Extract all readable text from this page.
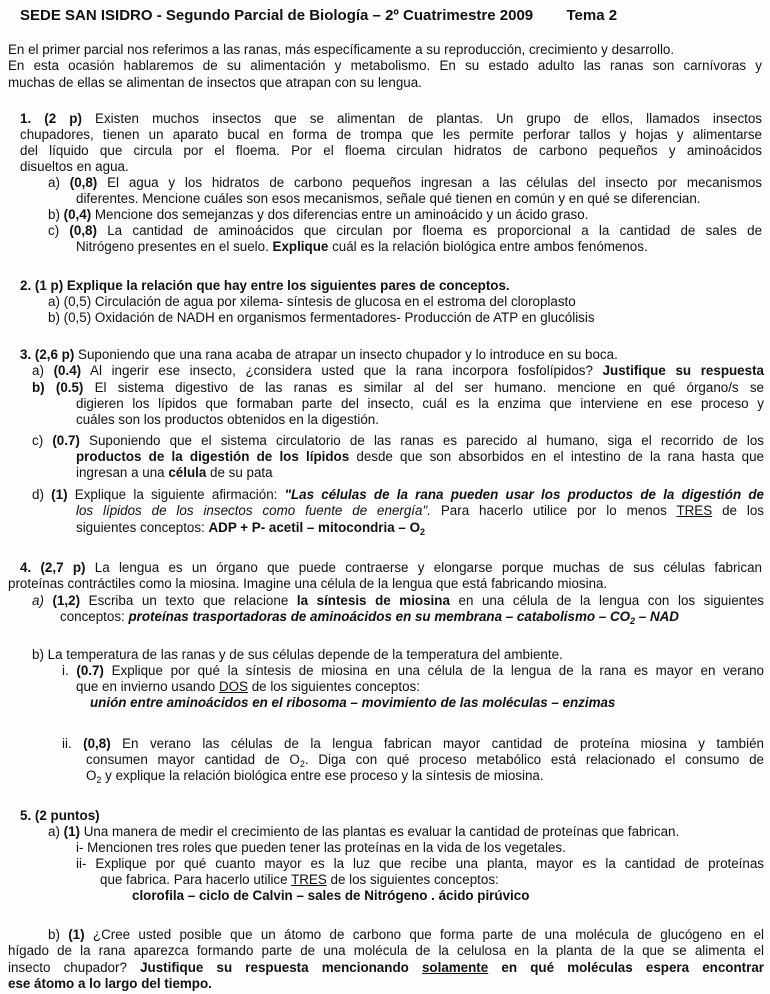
SEDE SAN ISIDRO - Segundo Parcial de Biología – 2º Cuatrimestre 2009        Tema 2
En el primer parcial nos referimos a las ranas, más específicamente a su reproducción, crecimiento y desarrollo.
En esta ocasión hablaremos de su alimentación y metabolismo. En su estado adulto las ranas son carnívoras y
muchas de ellas se alimentan de insectos que atrapan con su lengua.
1. (2 p) Existen muchos insectos que se alimentan de plantas. Un grupo de ellos, llamados insectos
chupadores, tienen un aparato bucal en forma de trompa que les permite perforar tallos y hojas y alimentarse
del líquido que circula por el floema. Por el floema circulan hidratos de carbono pequeños y aminoácidos
disueltos en agua.
a) (0,8) El agua y los hidratos de carbono pequeños ingresan a las células del insecto por mecanismos
diferentes. Mencione cuáles son esos mecanismos, señale qué tienen en común y en qué se diferencian.
b) (0,4) Mencione dos semejanzas y dos diferencias entre un aminoácido y un ácido graso.
c) (0,8) La cantidad de aminoácidos que circulan por floema es proporcional a la cantidad de sales de
Nitrógeno presentes en el suelo. Explique cuál es la relación biológica entre ambos fenómenos.
2. (1 p) Explique la relación que hay entre los siguientes pares de conceptos.
a) (0,5) Circulación de agua por xilema- síntesis de glucosa en el estroma del cloroplasto
b) (0,5) Oxidación de NADH en organismos fermentadores- Producción de ATP en glucólisis
3. (2,6 p) Suponiendo que una rana acaba de atrapar un insecto chupador y lo introduce en su boca.
a) (0.4) Al ingerir ese insecto, ¿considera usted que la rana incorpora fosfolípidos? Justifique su respuesta
b) (0.5) El sistema digestivo de las ranas es similar al del ser humano. mencione en qué órgano/s se
digieren los lípidos que formaban parte del insecto, cuál es la enzima que interviene en ese proceso y
cuáles son los productos obtenidos en la digestión.
c) (0.7) Suponiendo que el sistema circulatorio de las ranas es parecido al humano, siga el recorrido de los
productos de la digestión de los lípidos desde que son absorbidos en el intestino de la rana hasta que
ingresan a una célula de su pata
d) (1) Explique la siguiente afirmación: "Las células de la rana pueden usar los productos de la digestión de
los lípidos de los insectos como fuente de energía". Para hacerlo utilice por lo menos TRES de los
siguientes conceptos: ADP + P- acetil – mitocondria – $O_2$
4. (2,7 p) La lengua es un órgano que puede contraerse y elongarse porque muchas de sus células fabrican
proteínas contráctiles como la miosina. Imagine una célula de la lengua que está fabricando miosina.
a) (1,2) Escriba un texto que relacione la síntesis de miosina en una célula de la lengua con los siguientes
conceptos: proteínas trasportadoras de aminoácidos en su membrana – catabolismo – $CO_2$ – NAD
b) La temperatura de las ranas y de sus células depende de la temperatura del ambiente.
i. (0.7) Explique por qué la síntesis de miosina en una célula de la lengua de la rana es mayor en verano
que en invierno usando DOS de los siguientes conceptos:
unión entre aminoácidos en el ribosoma – movimiento de las moléculas – enzimas
ii. (0,8) En verano las células de la lengua fabrican mayor cantidad de proteína miosina y también
consumen mayor cantidad de $O_2$. Diga con qué proceso metabólico está relacionado el consumo de
$O_2$ y explique la relación biológica entre ese proceso y la síntesis de miosina.
5. (2 puntos)
a) (1) Una manera de medir el crecimiento de las plantas es evaluar la cantidad de proteínas que fabrican.
i- Mencionen tres roles que pueden tener las proteínas en la vida de los vegetales.
ii- Explique por qué cuanto mayor es la luz que recibe una planta, mayor es la cantidad de proteínas
que fabrica. Para hacerlo utilice TRES de los siguientes conceptos:
clorofila – ciclo de Calvin – sales de Nitrógeno . ácido pirúvico
b) (1) ¿Cree usted posible que un átomo de carbono que forma parte de una molécula de glucógeno en el
hígado de la rana aparezca formando parte de una molécula de la celulosa en la planta de la que se alimenta el
insecto chupador? Justifique su respuesta mencionando solamente en qué moléculas espera encontrar
ese átomo a lo largo del tiempo.
